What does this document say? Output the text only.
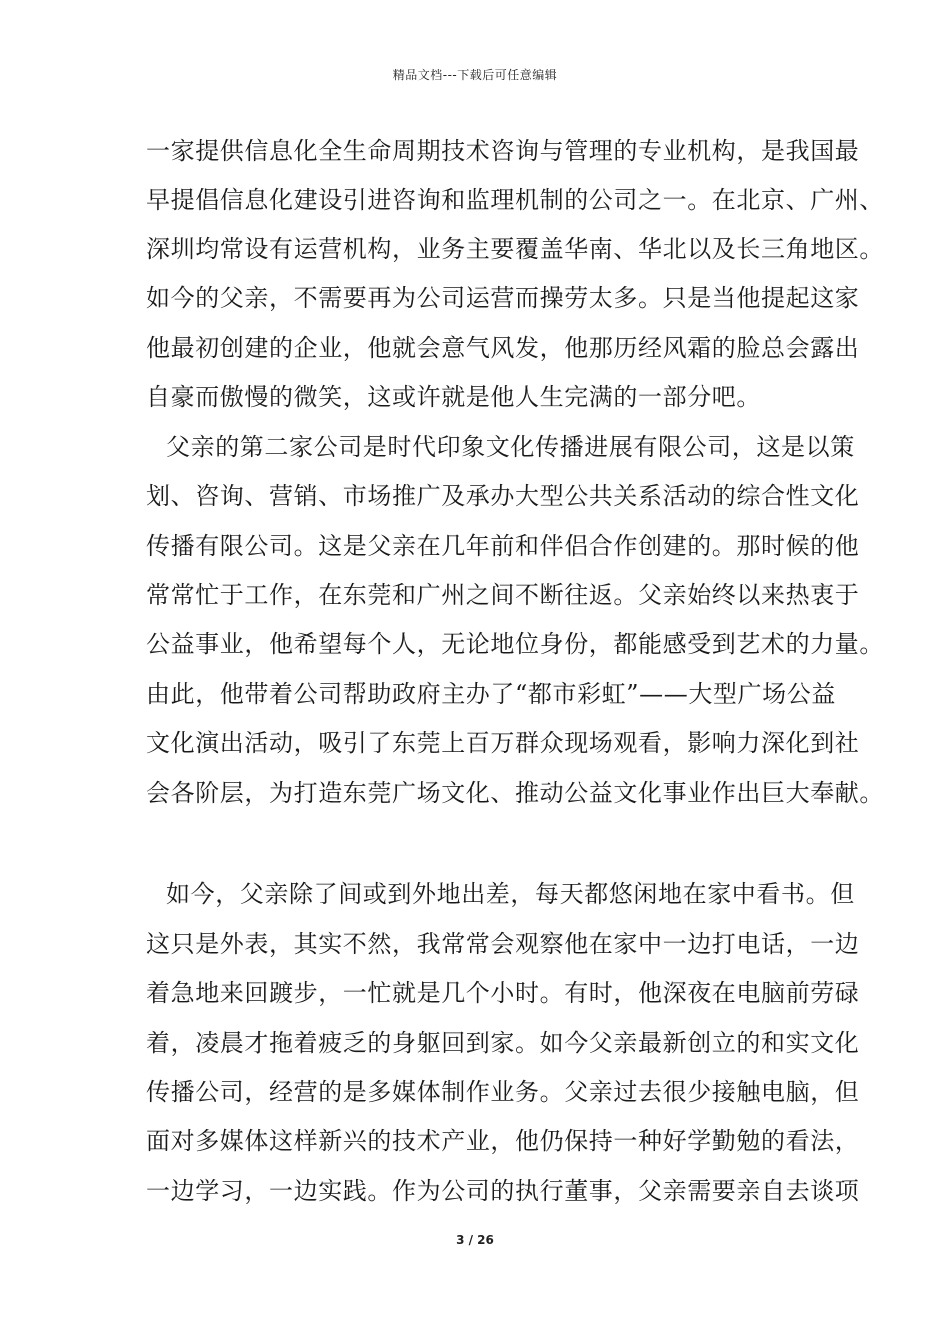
精品文档---下载后可任意编辑
一家提供信息化全生命周期技术咨询与管理的专业机构，是我国最
早提倡信息化建设引进咨询和监理机制的公司之一。在北京、广州、
深圳均常设有运营机构，业务主要覆盖华南、华北以及长三角地区。
如今的父亲，不需要再为公司运营而操劳太多。只是当他提起这家
他最初创建的企业，他就会意气风发，他那历经风霜的脸总会露出
自豪而傲慢的微笑，这或许就是他人生完满的一部分吧。
父亲的第二家公司是时代印象文化传播进展有限公司，这是以策
划、咨询、营销、市场推广及承办大型公共关系活动的综合性文化
传播有限公司。这是父亲在几年前和伴侣合作创建的。那时候的他
常常忙于工作，在东莞和广州之间不断往返。父亲始终以来热衷于
公益事业，他希望每个人，无论地位身份，都能感受到艺术的力量。
由此，他带着公司帮助政府主办了“都市彩虹”——大型广场公益
文化演出活动，吸引了东莞上百万群众现场观看，影响力深化到社
会各阶层，为打造东莞广场文化、推动公益文化事业作出巨大奉献。
如今，父亲除了间或到外地出差，每天都悠闲地在家中看书。但
这只是外表，其实不然，我常常会观察他在家中一边打电话，一边
着急地来回踱步，一忙就是几个小时。有时，他深夜在电脑前劳碌
着，凌晨才拖着疲乏的身躯回到家。如今父亲最新创立的和实文化
传播公司，经营的是多媒体制作业务。父亲过去很少接触电脑，但
面对多媒体这样新兴的技术产业，他仍保持一种好学勤勉的看法，
一边学习，一边实践。作为公司的执行董事，父亲需要亲自去谈项
3 / 26
